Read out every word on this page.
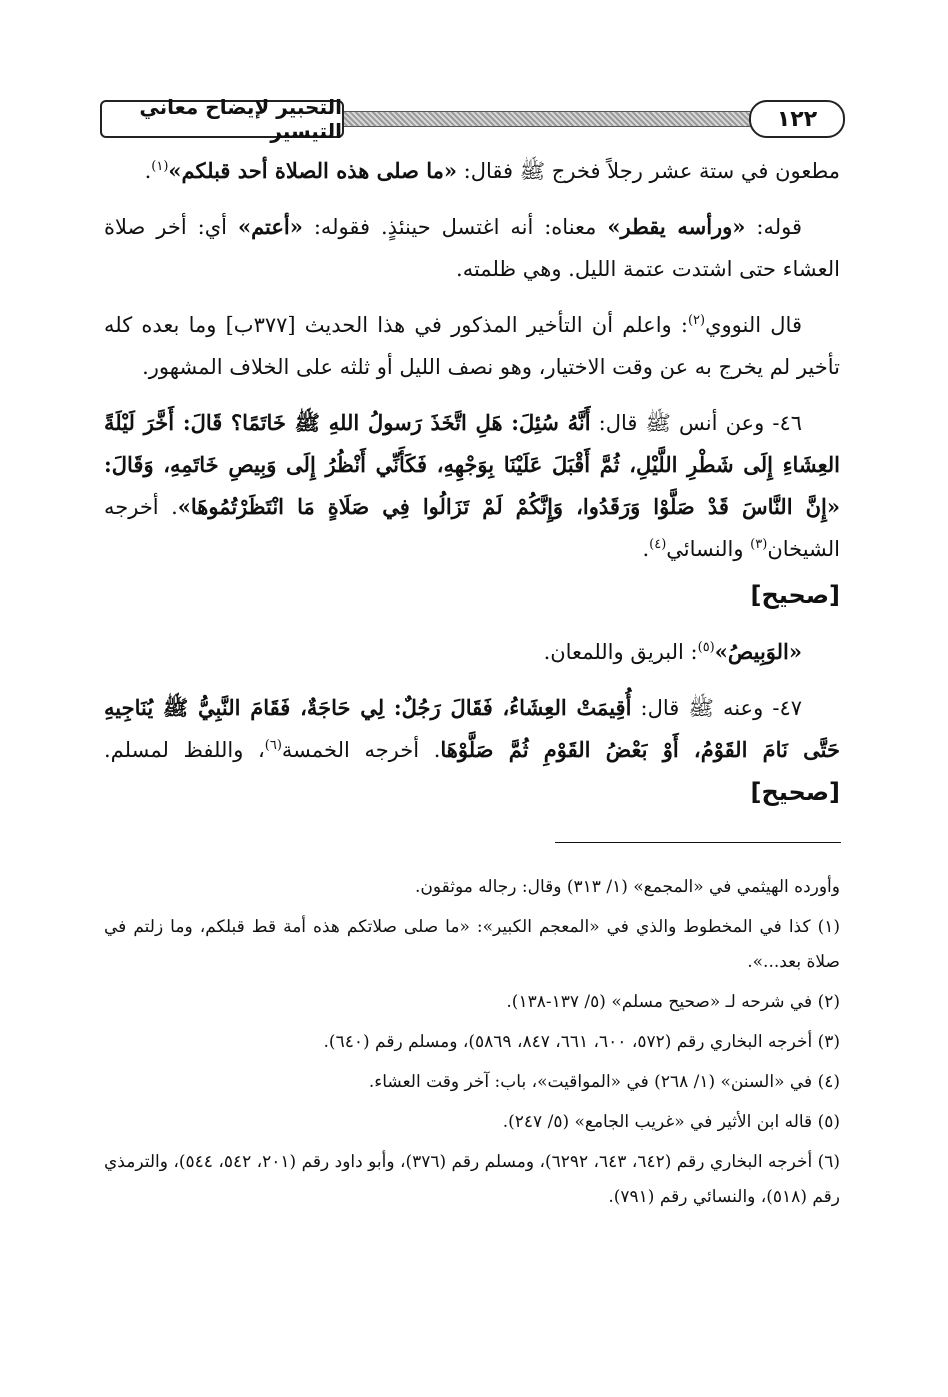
التحبير لإيضاح معاني التيسير	١٢٢

مطعون في ستة عشر رجلاً فخرج ﷺ فقال: «ما صلى هذه الصلاة أحد قبلكم»$^{(١)}$.

قوله: «ورأسه يقطر» معناه: أنه اغتسل حينئذٍ. فقوله: «أعتم» أي: أخر صلاة العشاء حتى اشتدت عتمة الليل. وهي ظلمته.

قال النووي$^{(٢)}$: واعلم أن التأخير المذكور في هذا الحديث [٣٧٧ب] وما بعده كله تأخير لم يخرج به عن وقت الاختيار، وهو نصف الليل أو ثلثه على الخلاف المشهور.

٤٦- وعن أنس ﷺ قال: أَنَّهُ سُئِلَ: هَلِ اتَّخَذَ رَسولُ اللهِ ﷺ خَاتَمًا؟ قَالَ: أَخَّرَ لَيْلَةً العِشَاءِ إِلَى شَطْرِ اللَّيْلِ، ثُمَّ أَقْبَلَ عَلَيْنَا بِوَجْهِهِ، فَكَأَنِّي أَنْظُرُ إِلَى وَبِيصِ خَاتَمِهِ، وَقَالَ: «إِنَّ النَّاسَ قَدْ صَلَّوْا وَرَقَدُوا، وَإِنَّكُمْ لَمْ تَزَالُوا فِي صَلَاةٍ مَا انْتَظَرْتُمُوهَا». أخرجه الشيخان$^{(٣)}$ والنسائي$^{(٤)}$.

[صحيح]

«الوَبِيصُ»$^{(٥)}$: البريق واللمعان.

٤٧- وعنه ﷺ قال: أُقِيمَتْ العِشَاءُ، فَقَالَ رَجُلٌ: لِي حَاجَةٌ، فَقَامَ النَّبِيُّ ﷺ يُنَاجِيهِ حَتَّى نَامَ القَوْمُ، أَوْ بَعْضُ القَوْمِ ثُمَّ صَلَّوْهَا. أخرجه الخمسة$^{(٦)}$، واللفظ لمسلم. [صحيح]

وأورده الهيثمي في «المجمع» (١/ ٣١٣) وقال: رجاله موثقون.

(١) كذا في المخطوط والذي في «المعجم الكبير»: «ما صلى صلاتكم هذه أمة قط قبلكم، وما زلتم في صلاة بعد...».

(٢) في شرحه لـ «صحيح مسلم» (٥/ ١٣٧-١٣٨).

(٣) أخرجه البخاري رقم (٥٧٢، ٦٠٠، ٦٦١، ٨٤٧، ٥٨٦٩)، ومسلم رقم (٦٤٠).

(٤) في «السنن» (١/ ٢٦٨) في «المواقيت»، باب: آخر وقت العشاء.

(٥) قاله ابن الأثير في «غريب الجامع» (٥/ ٢٤٧).

(٦) أخرجه البخاري رقم (٦٤٢، ٦٤٣، ٦٢٩٢)، ومسلم رقم (٣٧٦)، وأبو داود رقم (٢٠١، ٥٤٢، ٥٤٤)، والترمذي رقم (٥١٨)، والنسائي رقم (٧٩١).
